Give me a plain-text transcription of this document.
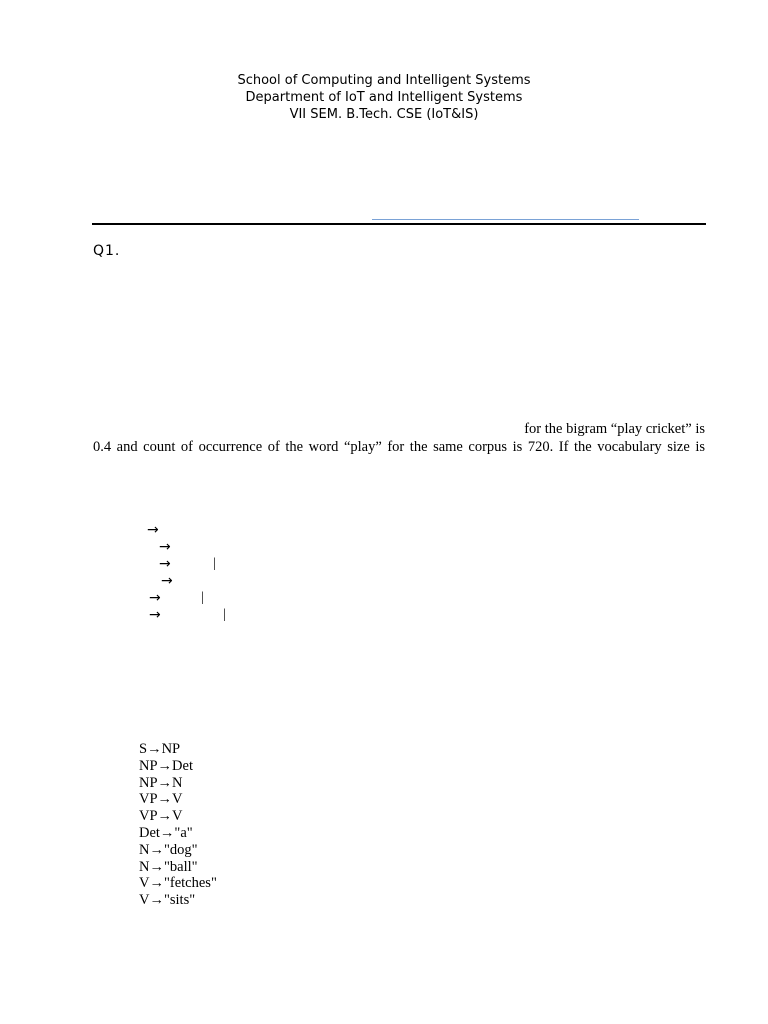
School of Computing and Intelligent Systems
Department of IoT and Intelligent Systems
VII SEM. B.Tech. CSE (IoT&IS)
Q1.
for the bigram “play cricket” is
0.4 and count of occurrence of the word “play” for the same corpus is 720. If the vocabulary size is
→
→
→	|
→
→	|
→	|
S→NP
NP→Det
NP→N
VP→V
VP→V
Det→"a"
N→"dog"
N→"ball"
V→"fetches"
V→"sits"
